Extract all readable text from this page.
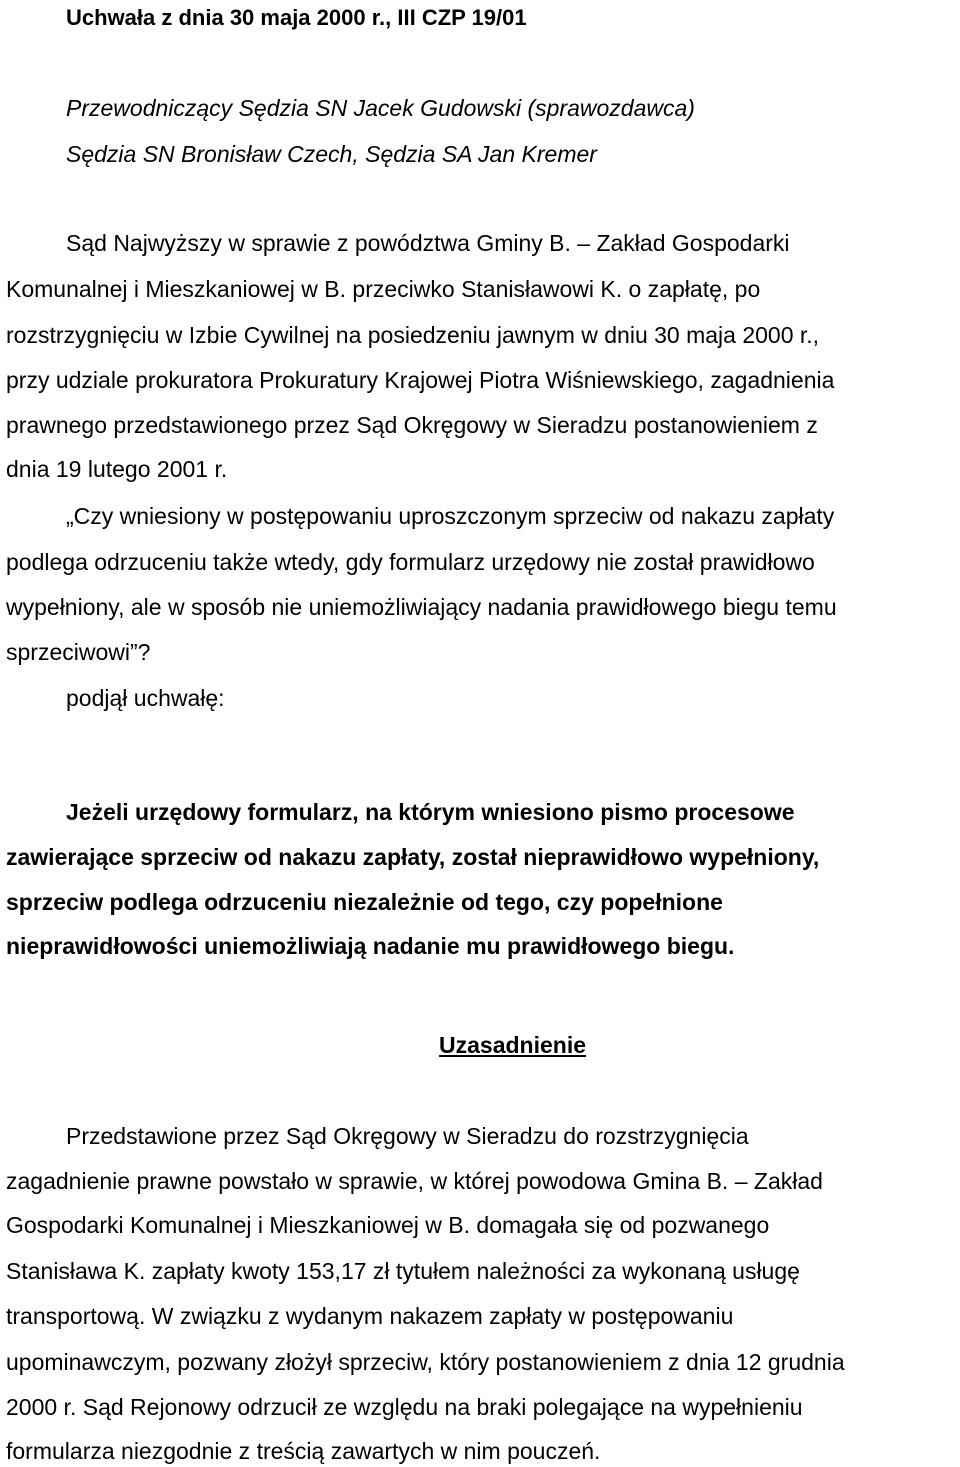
Uchwała z dnia 30 maja 2000 r., III CZP 19/01

Przewodniczący Sędzia SN Jacek Gudowski (sprawozdawca)

Sędzia SN Bronisław Czech, Sędzia SA Jan Kremer

Sąd Najwyższy w sprawie z powództwa Gminy B. – Zakład Gospodarki

Komunalnej i Mieszkaniowej w B. przeciwko Stanisławowi K. o zapłatę, po

rozstrzygnięciu w Izbie Cywilnej na posiedzeniu jawnym w dniu 30 maja 2000 r.,

przy udziale prokuratora Prokuratury Krajowej Piotra Wiśniewskiego, zagadnienia

prawnego przedstawionego przez Sąd Okręgowy w Sieradzu postanowieniem z

dnia 19 lutego 2001 r.

„Czy wniesiony w postępowaniu uproszczonym sprzeciw od nakazu zapłaty

podlega odrzuceniu także wtedy, gdy formularz urzędowy nie został prawidłowo

wypełniony, ale w sposób nie uniemożliwiający nadania prawidłowego biegu temu

sprzeciwowi”?

podjął uchwałę:

Jeżeli urzędowy formularz, na którym wniesiono pismo procesowe

zawierające sprzeciw od nakazu zapłaty, został nieprawidłowo wypełniony,

sprzeciw podlega odrzuceniu niezależnie od tego, czy popełnione

nieprawidłowości uniemożliwiają nadanie mu prawidłowego biegu.

Uzasadnienie

Przedstawione przez Sąd Okręgowy w Sieradzu do rozstrzygnięcia

zagadnienie prawne powstało w sprawie, w której powodowa Gmina B. – Zakład

Gospodarki Komunalnej i Mieszkaniowej w B. domagała się od pozwanego

Stanisława K. zapłaty kwoty 153,17 zł tytułem należności za wykonaną usługę

transportową. W związku z wydanym nakazem zapłaty w postępowaniu

upominawczym, pozwany złożył sprzeciw, który postanowieniem z dnia 12 grudnia

2000 r. Sąd Rejonowy odrzucił ze względu na braki polegające na wypełnieniu

formularza niezgodnie z treścią zawartych w nim pouczeń.
